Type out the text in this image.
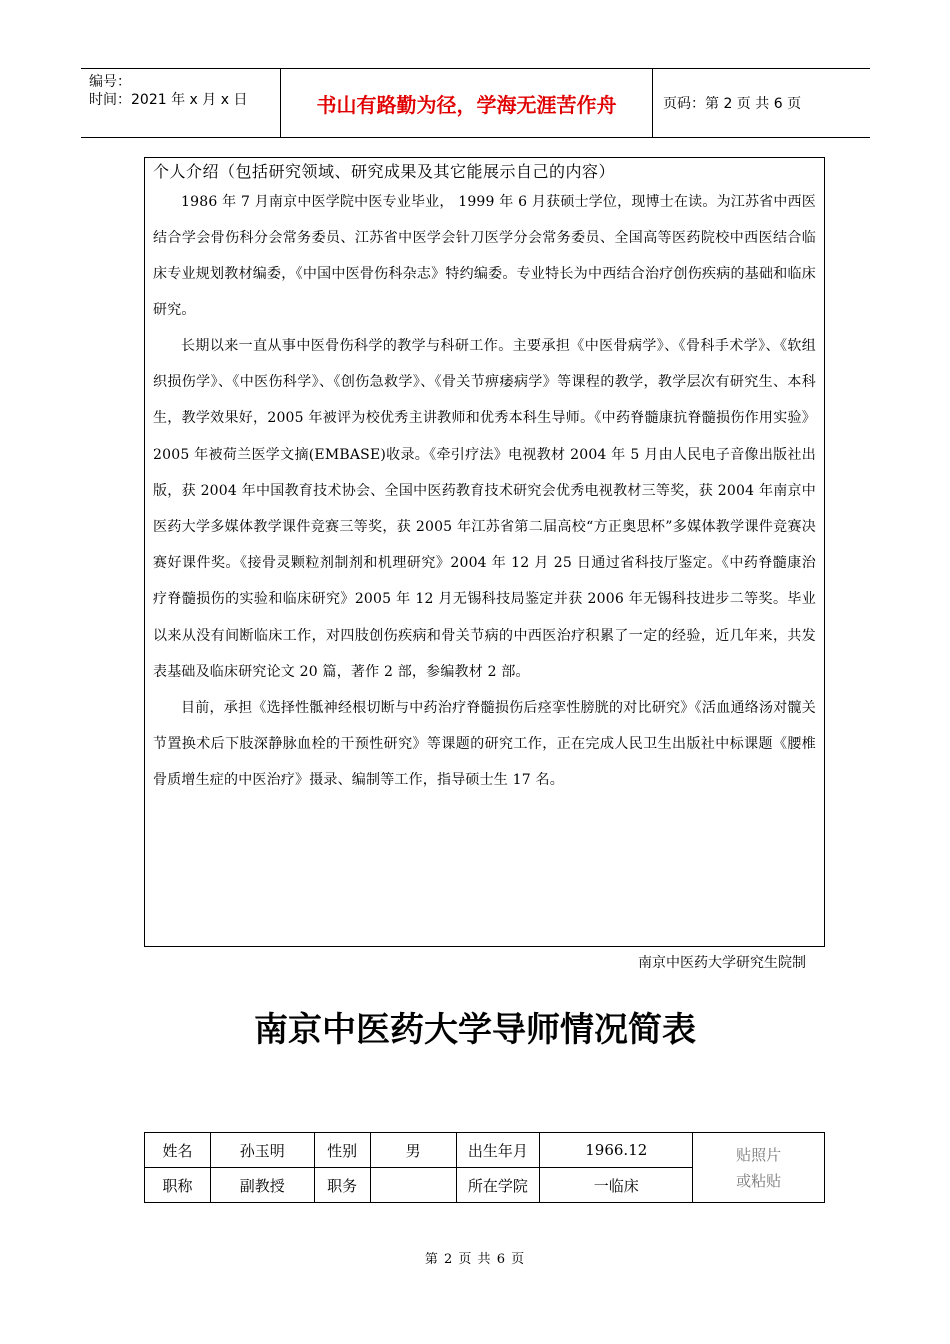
编号：
时间：2021 年 x 月 x 日	书山有路勤为径，学海无涯苦作舟	页码：第 2 页 共 6 页
个人介绍（包括研究领域、研究成果及其它能展示自己的内容）

1986 年 7 月南京中医学院中医专业毕业， 1999 年 6 月获硕士学位，现博士在读。为江苏省中西医结合学会骨伤科分会常务委员、江苏省中医学会针刀医学分会常务委员、全国高等医药院校中西医结合临床专业规划教材编委，《中国中医骨伤科杂志》特约编委。专业特长为中西结合治疗创伤疾病的基础和临床研究。

长期以来一直从事中医骨伤科学的教学与科研工作。主要承担《中医骨病学》、《骨科手术学》、《软组织损伤学》、《中医伤科学》、《创伤急救学》、《骨关节痹痿病学》等课程的教学，教学层次有研究生、本科生，教学效果好，2005 年被评为校优秀主讲教师和优秀本科生导师。《中药脊髓康抗脊髓损伤作用实验》2005 年被荷兰医学文摘(EMBASE)收录。《牵引疗法》电视教材 2004 年 5 月由人民电子音像出版社出版，获 2004 年中国教育技术协会、全国中医药教育技术研究会优秀电视教材三等奖，获 2004 年南京中医药大学多媒体教学课件竞赛三等奖，获 2005 年江苏省第二届高校“方正奥思杯”多媒体教学课件竞赛决赛好课件奖。《接骨灵颗粒剂制剂和机理研究》2004 年 12 月 25 日通过省科技厅鉴定。《中药脊髓康治疗脊髓损伤的实验和临床研究》2005 年 12 月无锡科技局鉴定并获 2006 年无锡科技进步二等奖。毕业以来从没有间断临床工作，对四肢创伤疾病和骨关节病的中西医治疗积累了一定的经验，近几年来，共发表基础及临床研究论文 20 篇，著作 2 部，参编教材 2 部。

目前，承担《选择性骶神经根切断与中药治疗脊髓损伤后痉挛性膀胱的对比研究》《活血通络汤对髋关节置换术后下肢深静脉血栓的干预性研究》等课题的研究工作，正在完成人民卫生出版社中标课题《腰椎骨质增生症的中医治疗》摄录、编制等工作，指导硕士生 17 名。

南京中医药大学研究生院制
南京中医药大学导师情况简表
姓名	孙玉明	性别	男	出生年月	1966.12	贴照片
或粘贴

职称	副教授	职务		所在学院	一临床	
第 2 页 共 6 页
